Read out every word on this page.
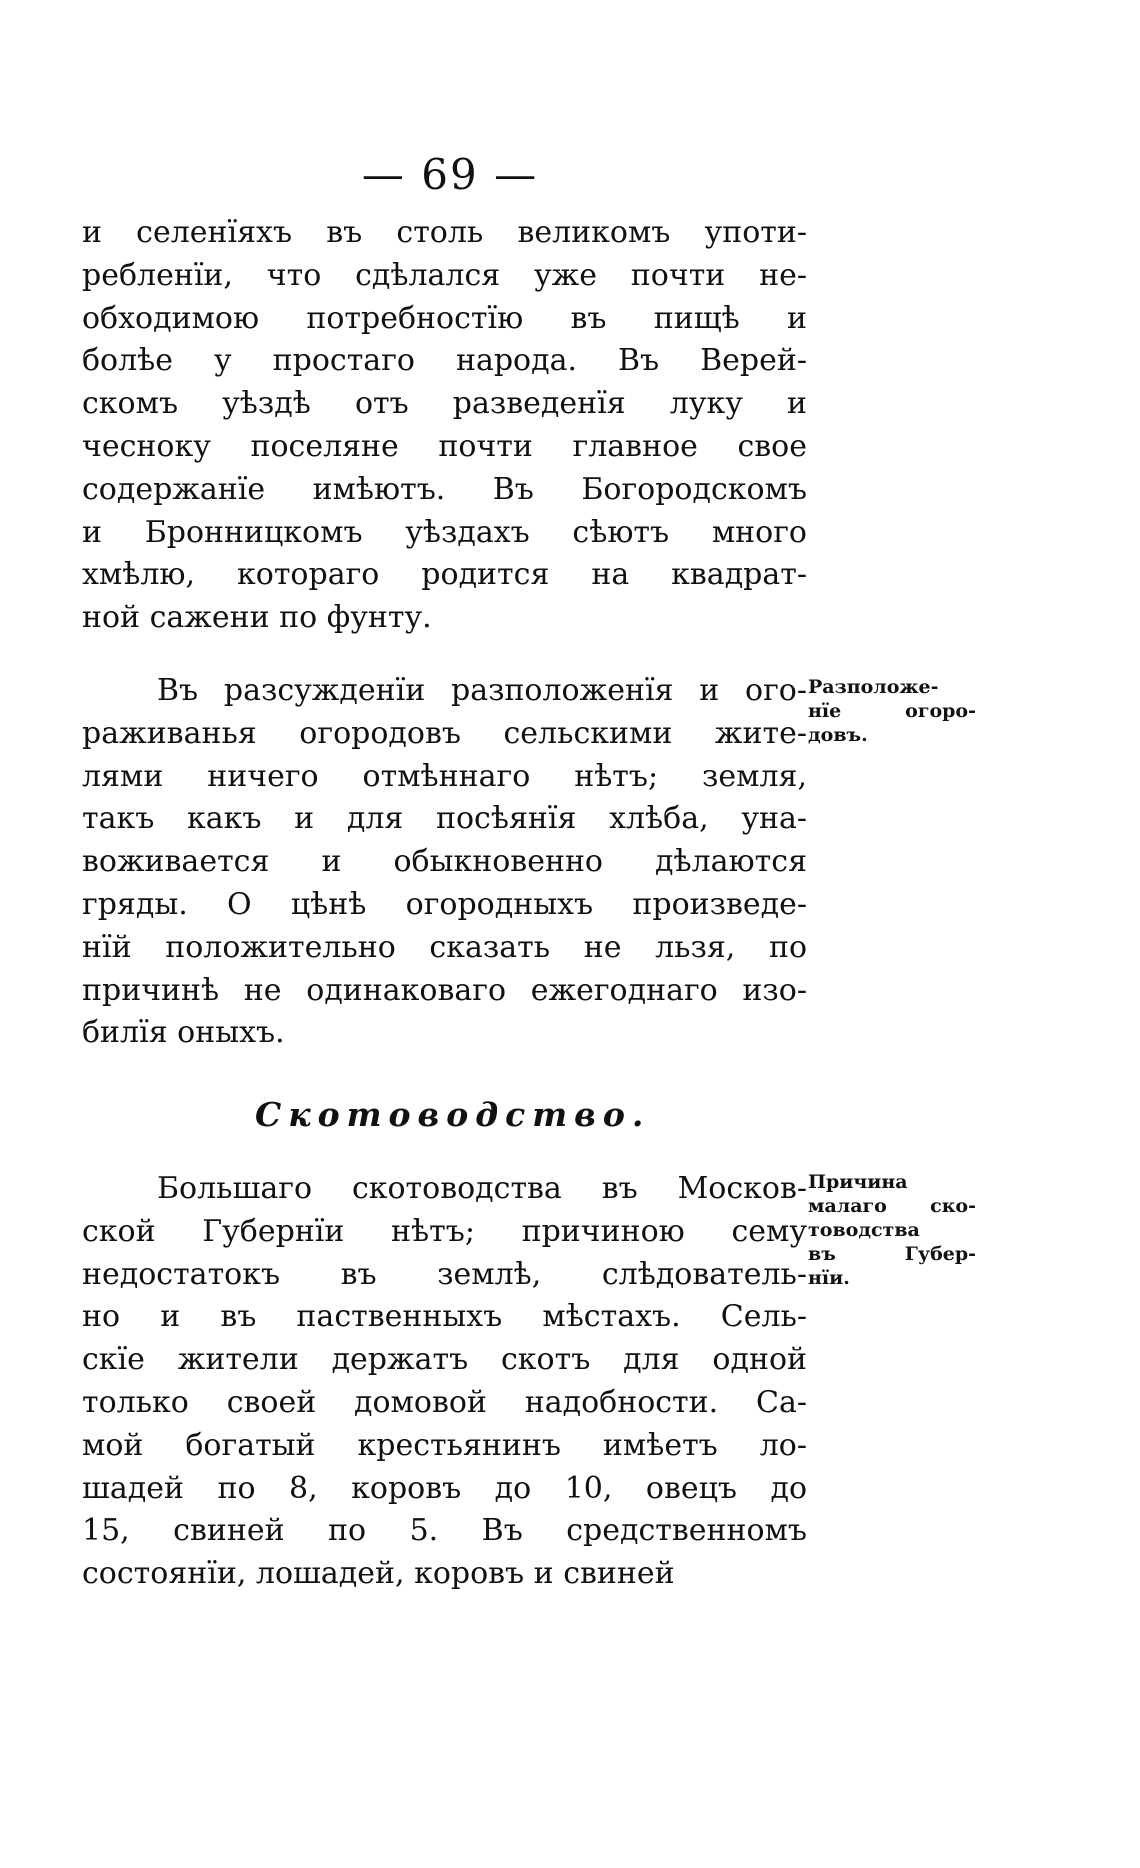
— 69 —
и селенїяхъ въ столь великомъ употи-
ребленїи, что сдѣлался уже почти не-
обходимою потребностїю въ пищѣ и
болѣе у простаго народа. Въ Верей-
скомъ уѣздѣ отъ разведенїя луку и
чесноку поселяне почти главное свое
содержанїе имѣютъ. Въ Богородскомъ
и Бронницкомъ уѣздахъ сѣютъ много
хмѣлю, котораго родится на квадрат-
ной сажени по фунту.
Въ разсужденїи разположенїя и ого-
раживанья огородовъ сельскими жите-
лями ничего отмѣннаго нѣтъ; земля,
такъ какъ и для посѣянїя хлѣба, уна-
воживается и обыкновенно дѣлаются
гряды. О цѣнѣ огородныхъ произведе-
нїй положительно сказать не льзя, по
причинѣ не одинаковаго ежегоднаго изо-
билїя оныхъ.
Скотоводство.
Большаго скотоводства въ Москов-
ской Губернїи нѣтъ; причиною сему
недостатокъ въ землѣ, слѣдователь-
но и въ паственныхъ мѣстахъ. Сель-
скїе жители держатъ скотъ для одной
только своей домовой надобности. Са-
мой богатый крестьянинъ имѣетъ ло-
шадей по 8, коровъ до 10, овецъ до
15, свиней по 5. Въ средственномъ
состоянїи, лошадей, коровъ и свиней
Разположе-
нїе огоро-
довъ.
Причина
малаго ско-
товодства
въ Губер-
нїи.
